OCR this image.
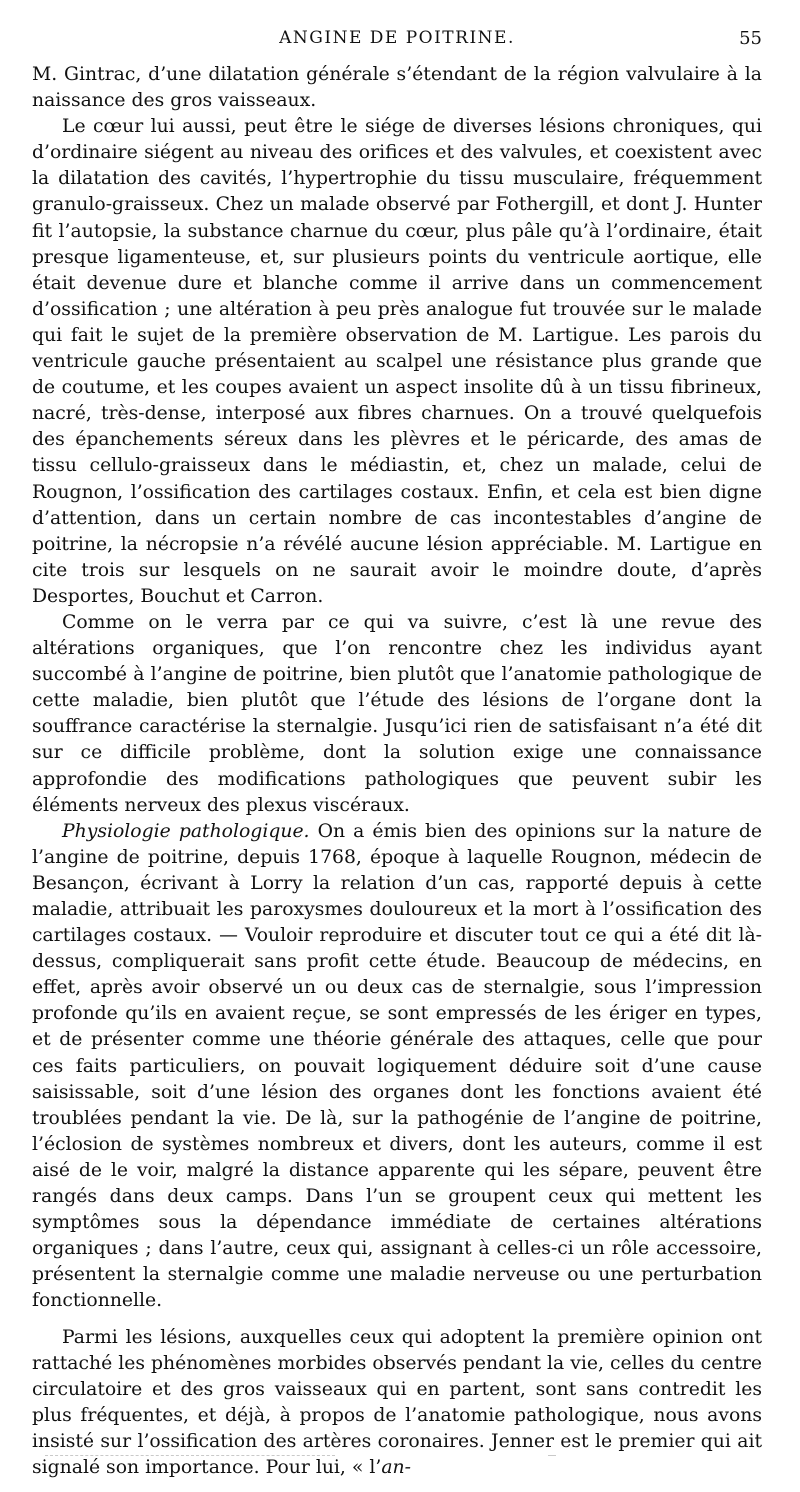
ANGINE DE POITRINE.	55

M. Gintrac, d’une dilatation générale s’étendant de la région valvulaire à la naissance des gros vaisseaux.

Le cœur lui aussi, peut être le siége de diverses lésions chroniques, qui d’ordinaire siégent au niveau des orifices et des valvules, et coexistent avec la dilatation des cavités, l’hypertrophie du tissu musculaire, fréquemment granulo-graisseux. Chez un malade observé par Fothergill, et dont J. Hunter fit l’autopsie, la substance charnue du cœur, plus pâle qu’à l’ordinaire, était presque ligamenteuse, et, sur plusieurs points du ventricule aortique, elle était devenue dure et blanche comme il arrive dans un commencement d’ossification ; une altération à peu près analogue fut trouvée sur le malade qui fait le sujet de la première observation de M. Lartigue. Les parois du ventricule gauche présentaient au scalpel une résistance plus grande que de coutume, et les coupes avaient un aspect insolite dû à un tissu fibrineux, nacré, très-dense, interposé aux fibres charnues. On a trouvé quelquefois des épanchements séreux dans les plèvres et le péricarde, des amas de tissu cellulo-graisseux dans le médiastin, et, chez un malade, celui de Rougnon, l’ossification des cartilages costaux. Enfin, et cela est bien digne d’attention, dans un certain nombre de cas incontestables d’angine de poitrine, la nécropsie n’a révélé aucune lésion appréciable. M. Lartigue en cite trois sur lesquels on ne saurait avoir le moindre doute, d’après Desportes, Bouchut et Carron.

Comme on le verra par ce qui va suivre, c’est là une revue des altérations organiques, que l’on rencontre chez les individus ayant succombé à l’angine de poitrine, bien plutôt que l’anatomie pathologique de cette maladie, bien plutôt que l’étude des lésions de l’organe dont la souffrance caractérise la sternalgie. Jusqu’ici rien de satisfaisant n’a été dit sur ce difficile problème, dont la solution exige une connaissance approfondie des modifications pathologiques que peuvent subir les éléments nerveux des plexus viscéraux.

Physiologie pathologique. On a émis bien des opinions sur la nature de l’angine de poitrine, depuis 1768, époque à laquelle Rougnon, médecin de Besançon, écrivant à Lorry la relation d’un cas, rapporté depuis à cette maladie, attribuait les paroxysmes douloureux et la mort à l’ossification des cartilages costaux. — Vouloir reproduire et discuter tout ce qui a été dit là-dessus, compliquerait sans profit cette étude. Beaucoup de médecins, en effet, après avoir observé un ou deux cas de sternalgie, sous l’impression profonde qu’ils en avaient reçue, se sont empressés de les ériger en types, et de présenter comme une théorie générale des attaques, celle que pour ces faits particuliers, on pouvait logiquement déduire soit d’une cause saisissable, soit d’une lésion des organes dont les fonctions avaient été troublées pendant la vie. De là, sur la pathogénie de l’angine de poitrine, l’éclosion de systèmes nombreux et divers, dont les auteurs, comme il est aisé de le voir, malgré la distance apparente qui les sépare, peuvent être rangés dans deux camps. Dans l’un se groupent ceux qui mettent les symptômes sous la dépendance immédiate de certaines altérations organiques ; dans l’autre, ceux qui, assignant à celles-ci un rôle accessoire, présentent la sternalgie comme une maladie nerveuse ou une perturbation fonctionnelle.

Parmi les lésions, auxquelles ceux qui adoptent la première opinion ont rattaché les phénomènes morbides observés pendant la vie, celles du centre circulatoire et des gros vaisseaux qui en partent, sont sans contredit les plus fréquentes, et déjà, à propos de l’anatomie pathologique, nous avons insisté sur l’ossification des artères coronaires. Jenner est le premier qui ait signalé son importance. Pour lui, « l’an-
